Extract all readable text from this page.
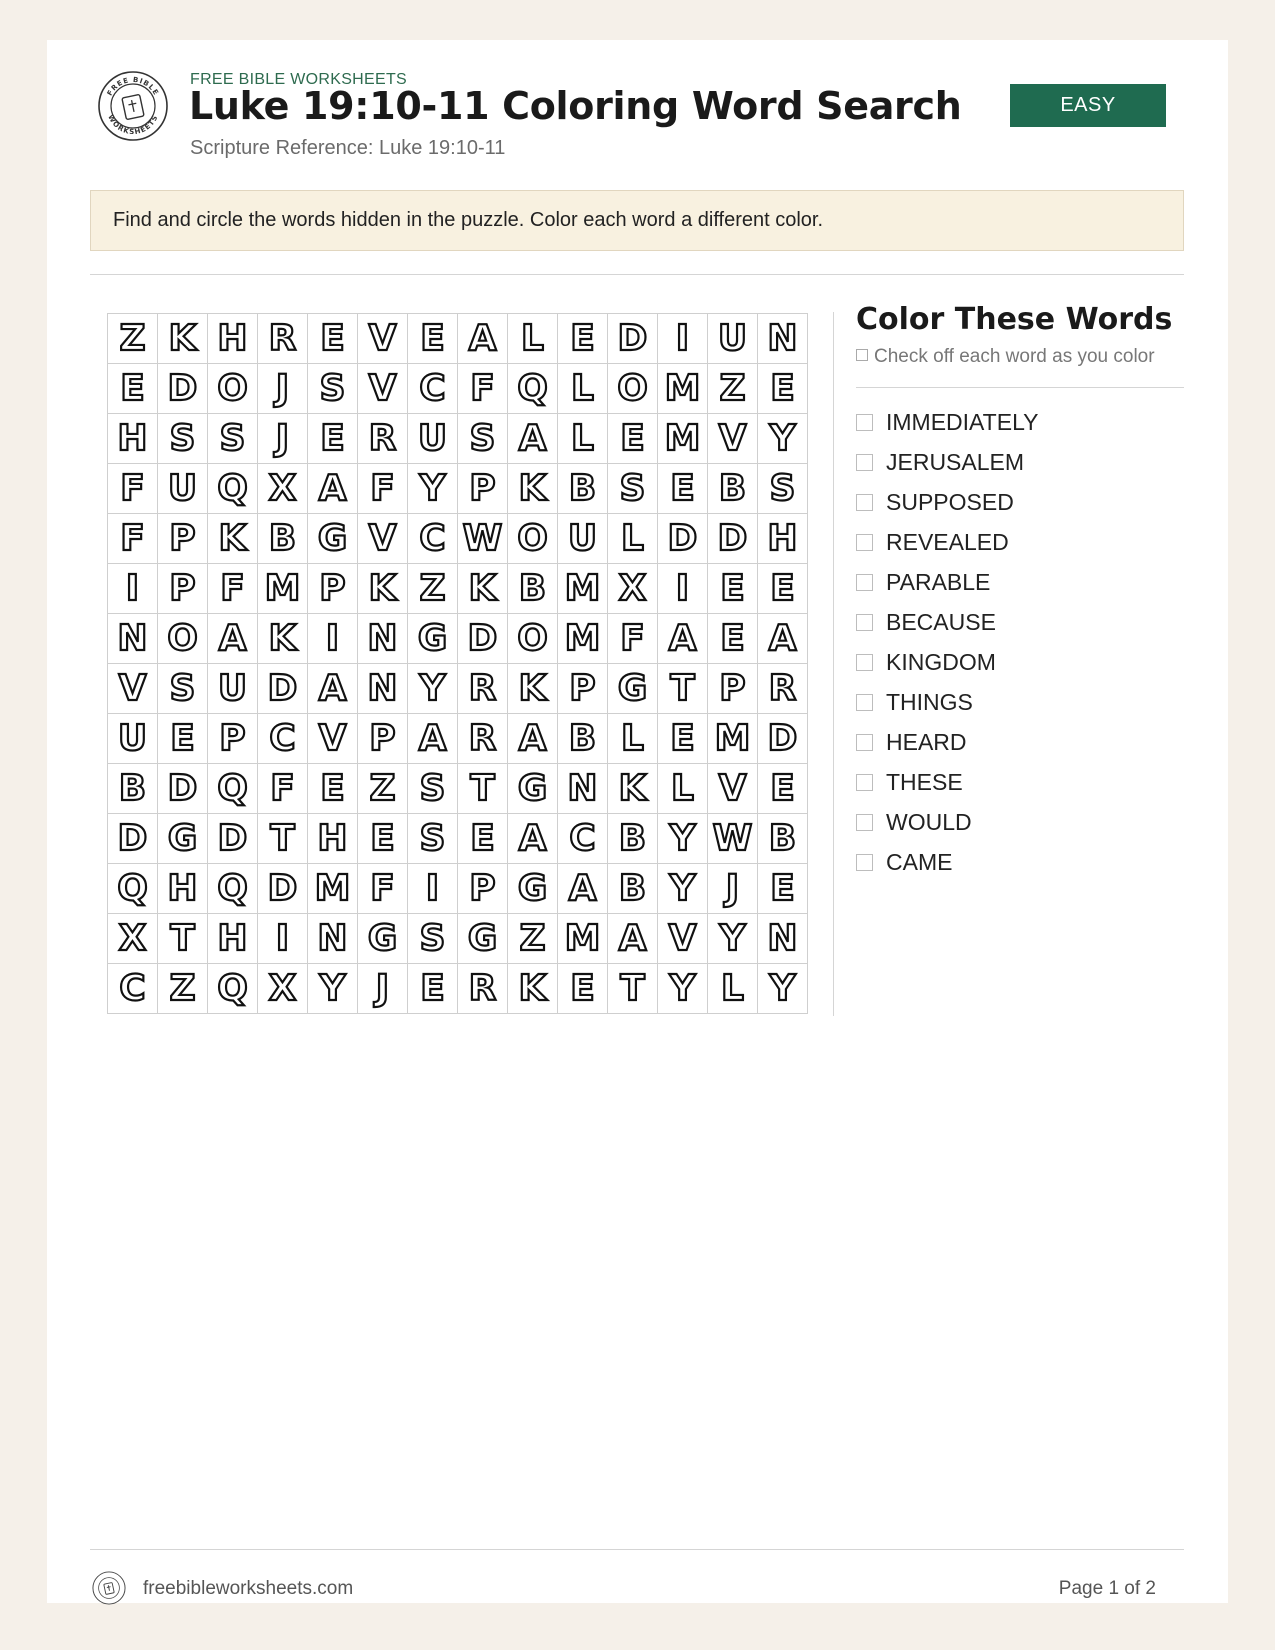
FREE BIBLE
WORKSHEETS
FREE BIBLE WORKSHEETS
Luke 19:10-11 Coloring Word Search
Scripture Reference: Luke 19:10-11
EASY
Find and circle the words hidden in the puzzle. Color each word a different color.
Z K H R E V E A L E D I U N
E D O J S V C F Q L O M Z E
H S S J E R U S A L E M V Y
F U Q X A F Y P K B S E B S
F P K B G V C W O U L D D H
I P F M P K Z K B M X I E E
N O A K I N G D O M F A E A
V S U D A N Y R K P G T P R
U E P C V P A R A B L E M D
B D Q F E Z S T G N K L V E
D G D T H E S E A C B Y W B
Q H Q D M F I P G A B Y J E
X T H I N G S G Z M A V Y N
C Z Q X Y J E R K E T Y L Y
Color These Words
Check off each word as you color
IMMEDIATELY
JERUSALEM
SUPPOSED
REVEALED
PARABLE
BECAUSE
KINGDOM
THINGS
HEARD
THESE
WOULD
CAME
freebibleworksheets.com	Page 1 of 2
